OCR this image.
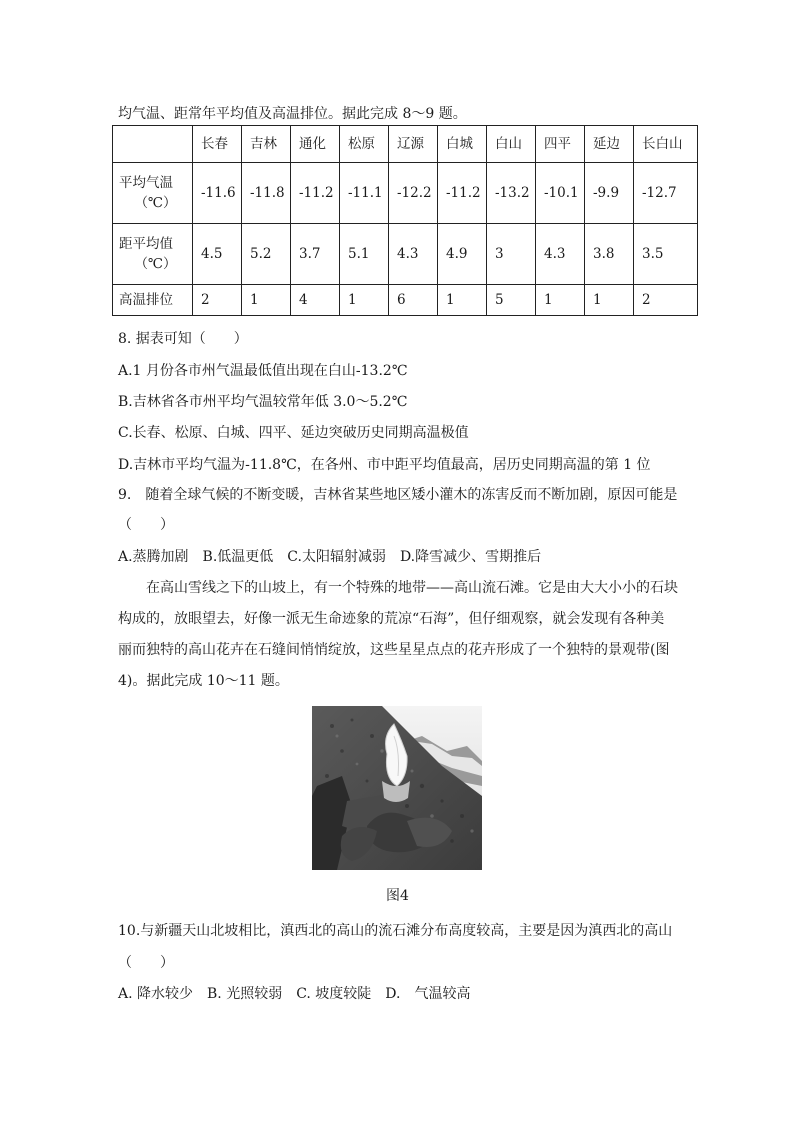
均气温、距常年平均值及高温排位。据此完成 8～9 题。
	长春	吉林	通化	松原	辽源	白城	白山	四平	延边	长白山

平均气温
（℃）	-11.6	-11.8	-11.2	-11.1	-12.2	-11.2	-13.2	-10.1	-9.9	-12.7

距平均值
（℃）	4.5	5.2	3.7	5.1	4.3	4.9	3	4.3	3.8	3.5
高温排位	2	1	4	1	6	1	5	1	1	2
8. 据表可知（　　）
A.1 月份各市州气温最低值出现在白山-13.2℃
B.吉林省各市州平均气温较常年低 3.0～5.2℃
C.长春、松原、白城、四平、延边突破历史同期高温极值
D.吉林市平均气温为-11.8℃，在各州、市中距平均值最高，居历史同期高温的第 1 位
9.　随着全球气候的不断变暖，吉林省某些地区矮小灌木的冻害反而不断加剧，原因可能是
（　　）
A.蒸腾加剧　B.低温更低　C.太阳辐射减弱　D.降雪减少、雪期推后
在高山雪线之下的山坡上，有一个特殊的地带——高山流石滩。它是由大大小小的石块
构成的，放眼望去，好像一派无生命迹象的荒凉“石海”，但仔细观察，就会发现有各种美
丽而独特的高山花卉在石缝间悄悄绽放，这些星星点点的花卉形成了一个独特的景观带(图
4)。据此完成 10～11 题。
图4
10.与新疆天山北坡相比，滇西北的高山的流石滩分布高度较高，主要是因为滇西北的高山
（　　）
A. 降水较少　B. 光照较弱　C. 坡度较陡　D.　气温较高
